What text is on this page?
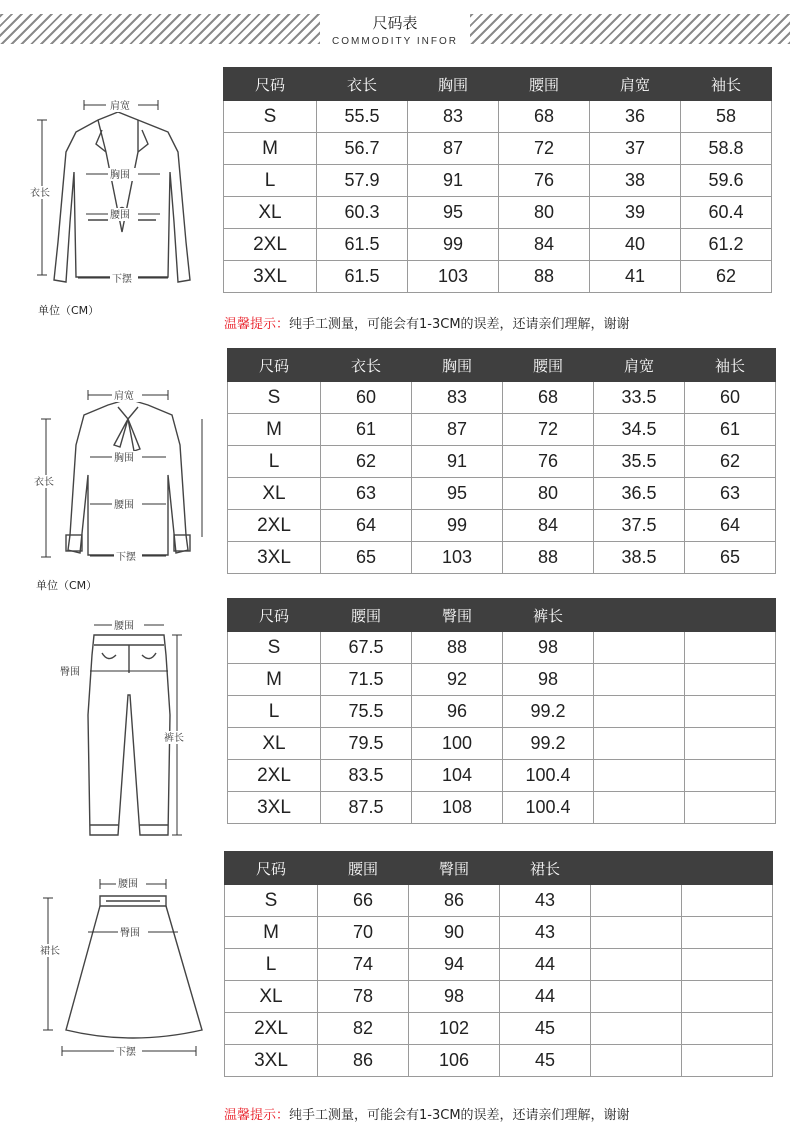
尺码表
COMMODITY INFOR
肩宽
胸围
腰围
衣长
下摆
单位（CM）
尺码	衣长	胸围	腰围	肩宽	袖长
S	55.5	83	68	36	58
M	56.7	87	72	37	58.8
L	57.9	91	76	38	59.6
XL	60.3	95	80	39	60.4
2XL	61.5	99	84	40	61.2
3XL	61.5	103	88	41	62
温馨提示：纯手工测量，可能会有1-3CM的误差，还请亲们理解，谢谢
肩宽
胸围
腰围
衣长
下摆
单位（CM）
尺码	衣长	胸围	腰围	肩宽	袖长
S	60	83	68	33.5	60
M	61	87	72	34.5	61
L	62	91	76	35.5	62
XL	63	95	80	36.5	63
2XL	64	99	84	37.5	64
3XL	65	103	88	38.5	65
腰围
臀围
裤长
尺码	腰围	臀围	裤长		
S	67.5	88	98		
M	71.5	92	98		
L	75.5	96	99.2		
XL	79.5	100	99.2		
2XL	83.5	104	100.4		
3XL	87.5	108	100.4		
腰围
臀围
裙长
下摆
尺码	腰围	臀围	裙长		
S	66	86	43		
M	70	90	43		
L	74	94	44		
XL	78	98	44		
2XL	82	102	45		
3XL	86	106	45		
温馨提示：纯手工测量，可能会有1-3CM的误差，还请亲们理解，谢谢
